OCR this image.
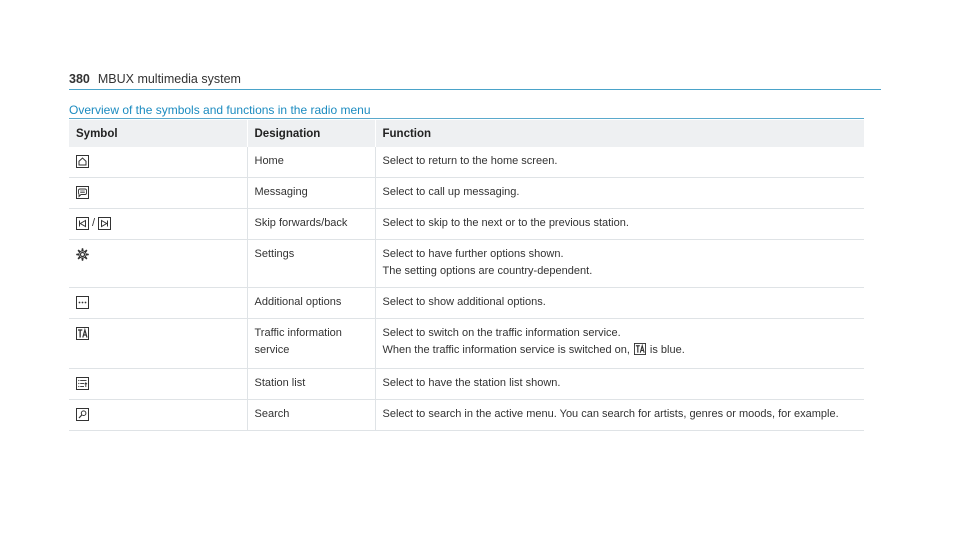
380 MBUX multimedia system
Overview of the symbols and functions in the radio menu
Symbol	Designation	Function

	Home	Select to return to the home screen.

	Messaging	Select to call up messaging.

/	Skip forwards/back	Select to skip to the next or to the previous station.

	Settings	Select to have further options shown.
The setting options are country-dependent.

	Additional options	Select to show additional options.

	Traffic information service	Select to switch on the traffic information service.
When the traffic information service is switched on, is blue.

	Station list	Select to have the station list shown.

	Search	Select to search in the active menu. You can search for artists, genres or moods, for example.
